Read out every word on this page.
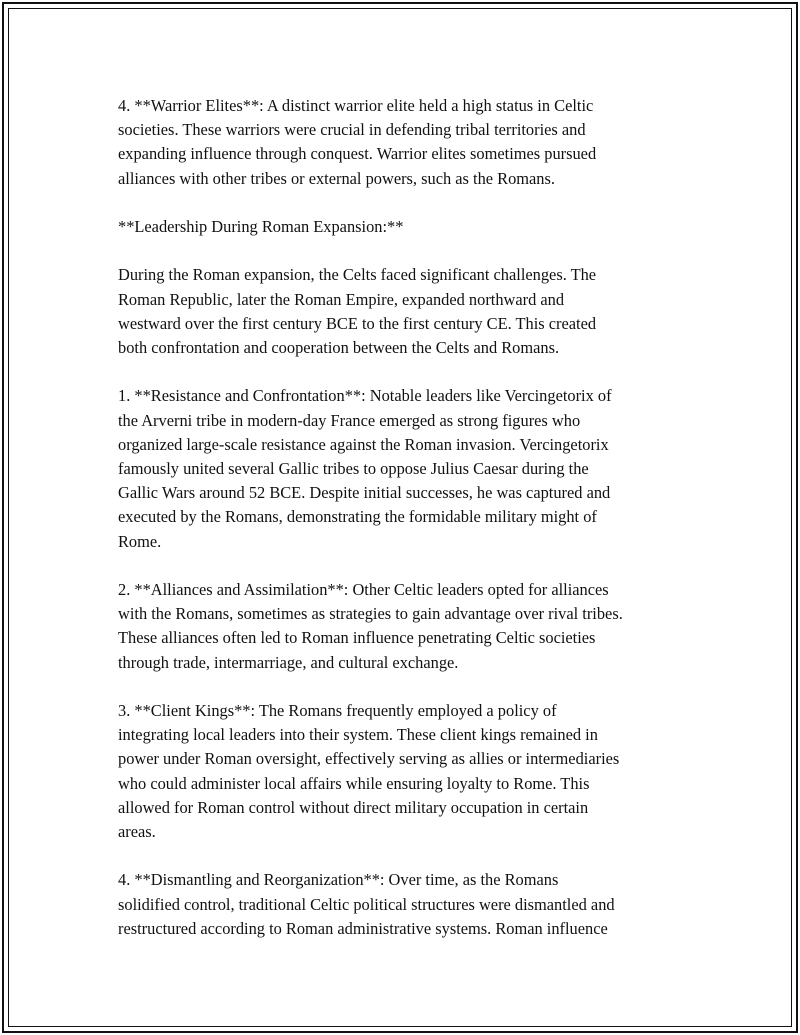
4. **Warrior Elites**: A distinct warrior elite held a high status in Celtic
societies. These warriors were crucial in defending tribal territories and
expanding influence through conquest. Warrior elites sometimes pursued
alliances with other tribes or external powers, such as the Romans.

**Leadership During Roman Expansion:**

During the Roman expansion, the Celts faced significant challenges. The
Roman Republic, later the Roman Empire, expanded northward and
westward over the first century BCE to the first century CE. This created
both confrontation and cooperation between the Celts and Romans.

1. **Resistance and Confrontation**: Notable leaders like Vercingetorix of
the Arverni tribe in modern-day France emerged as strong figures who
organized large-scale resistance against the Roman invasion. Vercingetorix
famously united several Gallic tribes to oppose Julius Caesar during the
Gallic Wars around 52 BCE. Despite initial successes, he was captured and
executed by the Romans, demonstrating the formidable military might of
Rome.

2. **Alliances and Assimilation**: Other Celtic leaders opted for alliances
with the Romans, sometimes as strategies to gain advantage over rival tribes.
These alliances often led to Roman influence penetrating Celtic societies
through trade, intermarriage, and cultural exchange.

3. **Client Kings**: The Romans frequently employed a policy of
integrating local leaders into their system. These client kings remained in
power under Roman oversight, effectively serving as allies or intermediaries
who could administer local affairs while ensuring loyalty to Rome. This
allowed for Roman control without direct military occupation in certain
areas.

4. **Dismantling and Reorganization**: Over time, as the Romans
solidified control, traditional Celtic political structures were dismantled and
restructured according to Roman administrative systems. Roman influence
